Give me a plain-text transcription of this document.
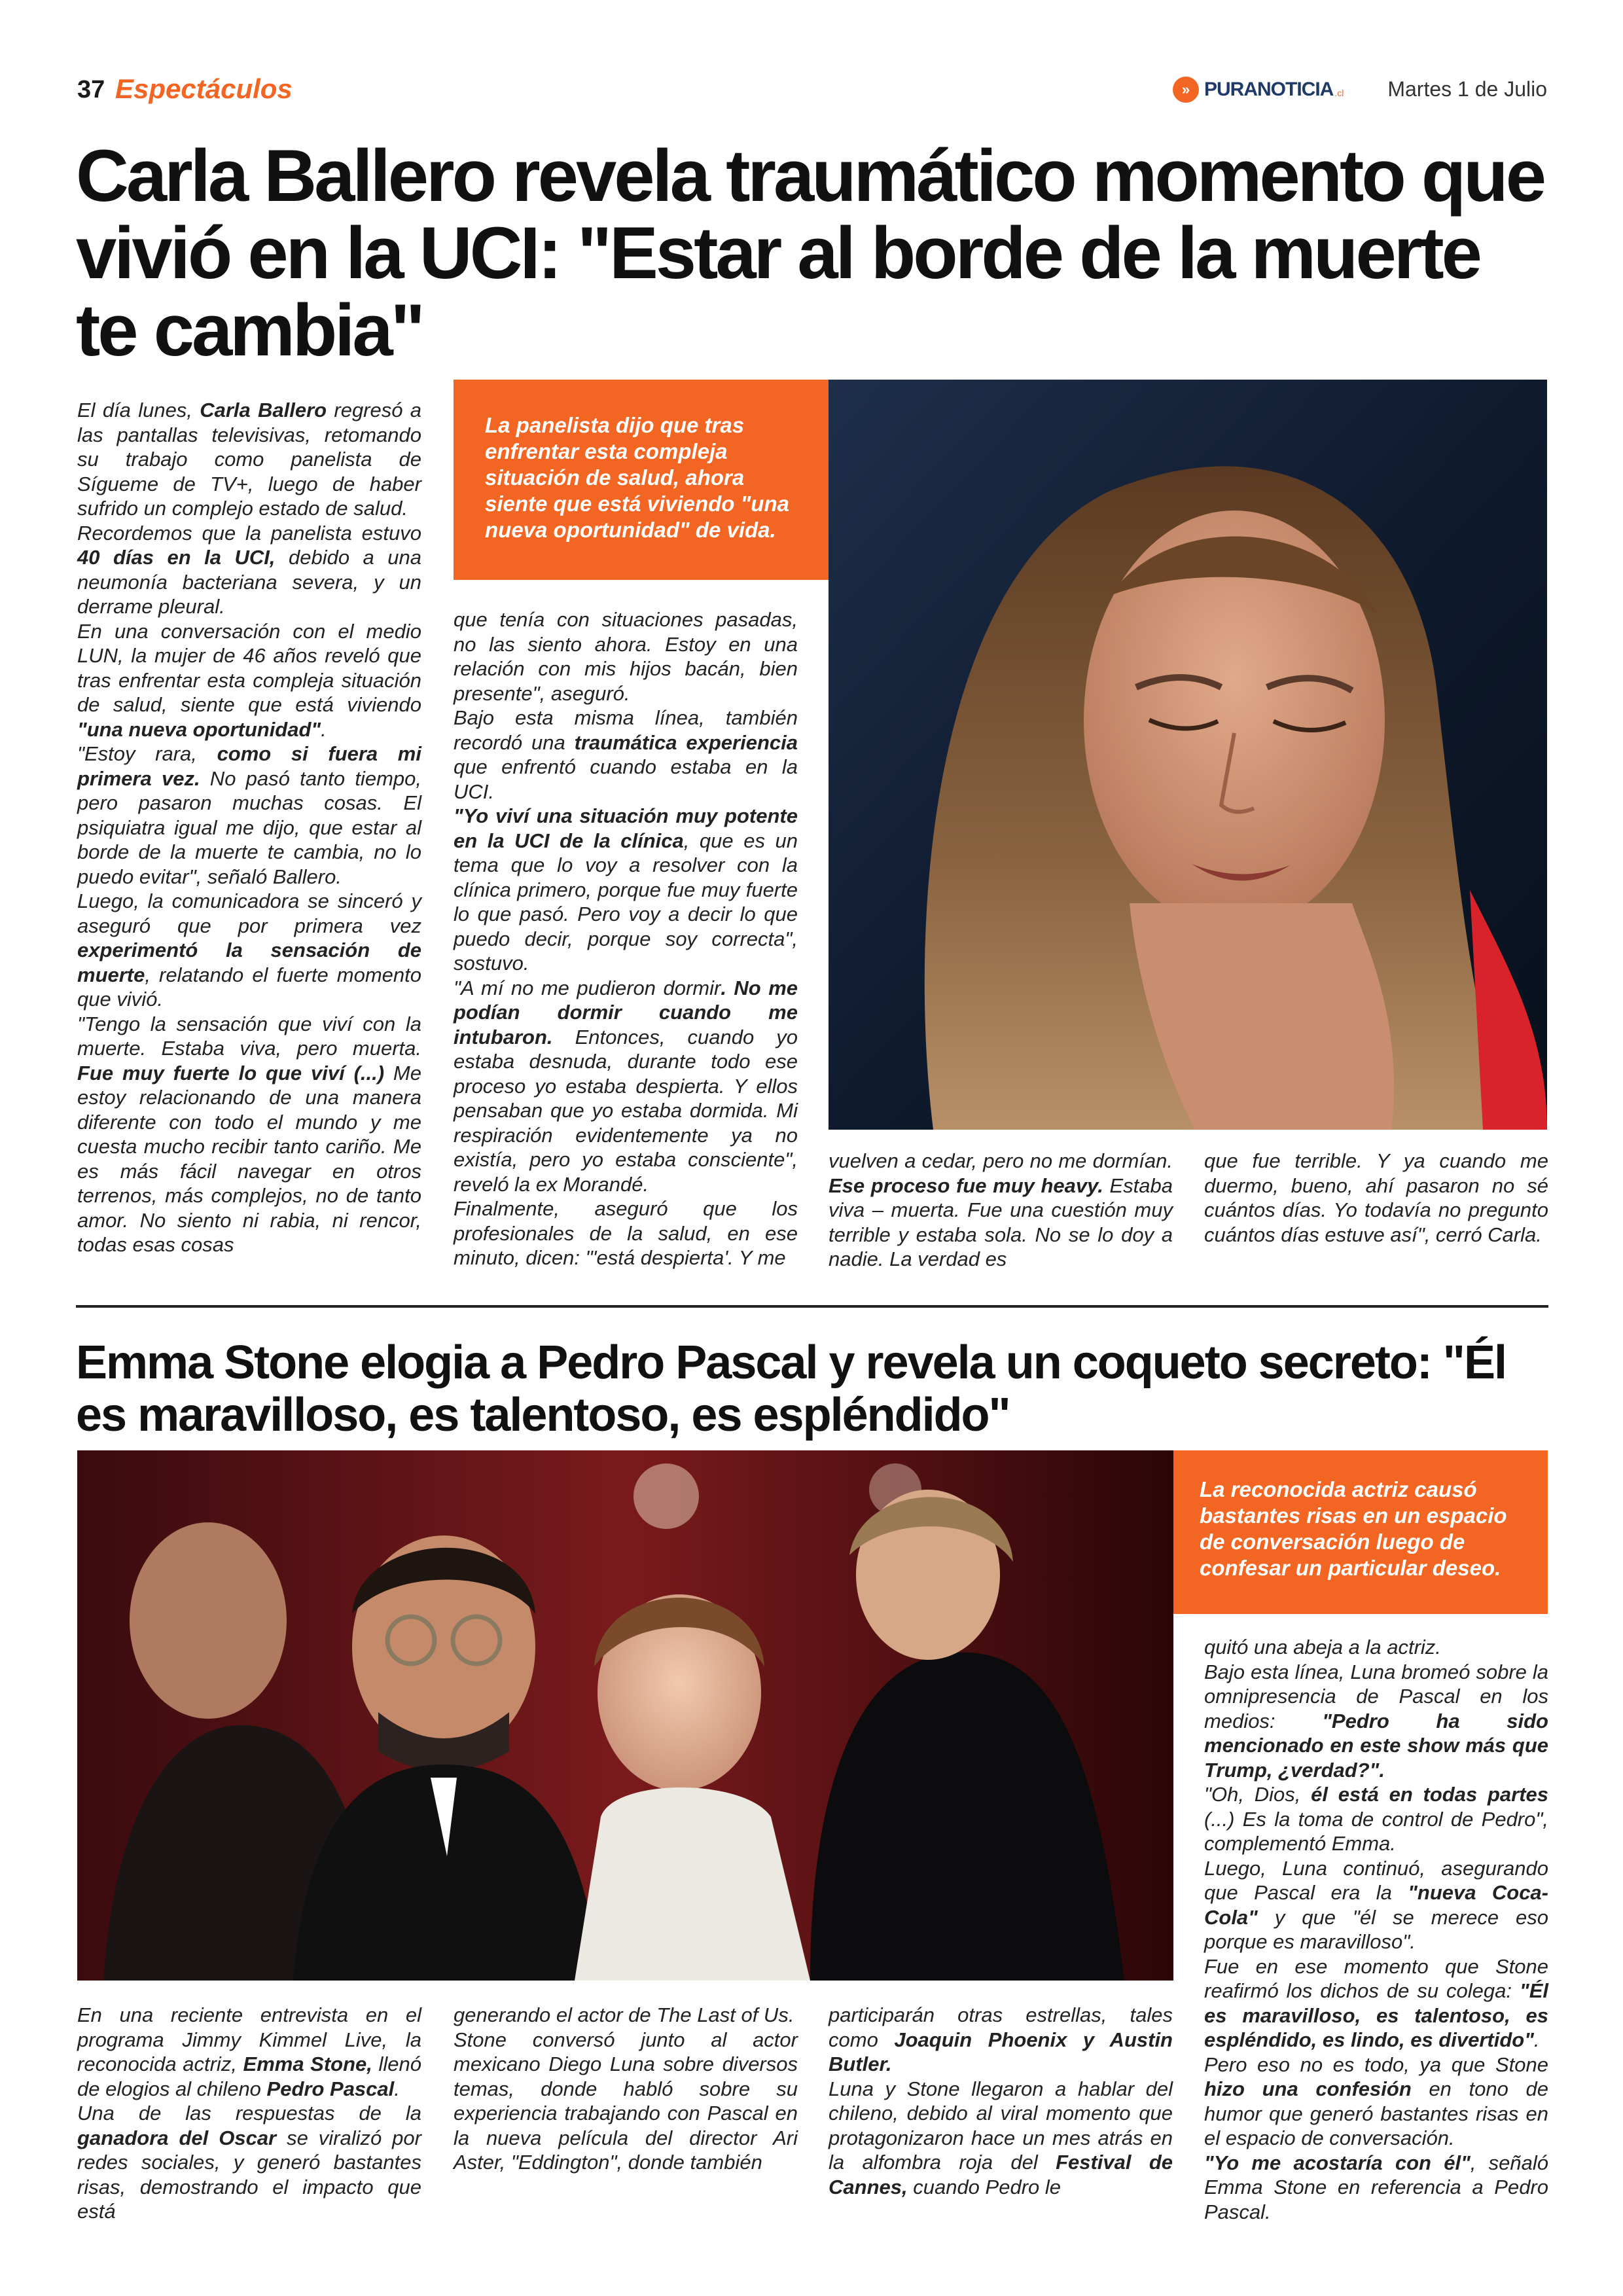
37 Espectáculos	» PURANOTICIA .cl Martes 1 de Julio
Carla Ballero revela traumático momento que vivió en la UCI: "Estar al borde de la muerte te cambia"

El día lunes, Carla Ballero regresó a las pantallas televisivas, retomando su trabajo como panelista de Sígueme de TV+, luego de haber sufrido un complejo estado de salud.

Recordemos que la panelista estuvo 40 días en la UCI, debido a una neumonía bacteriana severa, y un derrame pleural.

En una conversación con el medio LUN, la mujer de 46 años reveló que tras enfrentar esta compleja situación de salud, siente que está viviendo "una nueva oportunidad".

"Estoy rara, como si fuera mi primera vez. No pasó tanto tiempo, pero pasaron muchas cosas. El psiquiatra igual me dijo, que estar al borde de la muerte te cambia, no lo puedo evitar", señaló Ballero.

Luego, la comunicadora se sinceró y aseguró que por primera vez experimentó la sensación de muerte, relatando el fuerte momento que vivió.

"Tengo la sensación que viví con la muerte. Estaba viva, pero muerta. Fue muy fuerte lo que viví (...) Me estoy relacionando de una manera diferente con todo el mundo y me cuesta mucho recibir tanto cariño. Me es más fácil navegar en otros terrenos, más complejos, no de tanto amor. No siento ni rabia, ni rencor, todas esas cosas

La panelista dijo que tras enfrentar esta compleja situación de salud, ahora siente que está viviendo "una nueva oportunidad" de vida.

que tenía con situaciones pasadas, no las siento ahora. Estoy en una relación con mis hijos bacán, bien presente", aseguró.

Bajo esta misma línea, también recordó una traumática experiencia que enfrentó cuando estaba en la UCI.

"Yo viví una situación muy potente en la UCI de la clínica, que es un tema que lo voy a resolver con la clínica primero, porque fue muy fuerte lo que pasó. Pero voy a decir lo que puedo decir, porque soy correcta", sostuvo.

"A mí no me pudieron dormir. No me podían dormir cuando me intubaron. Entonces, cuando yo estaba desnuda, durante todo ese proceso yo estaba despierta. Y ellos pensaban que yo estaba dormida. Mi respiración evidentemente ya no existía, pero yo estaba consciente", reveló la ex Morandé.

Finalmente, aseguró que los profesionales de la salud, en ese minuto, dicen: "'está despierta'. Y me

vuelven a cedar, pero no me dormían. Ese proceso fue muy heavy. Estaba viva – muerta. Fue una cuestión muy terrible y estaba sola. No se lo doy a nadie. La verdad es

que fue terrible. Y ya cuando me duermo, bueno, ahí pasaron no sé cuántos días. Yo todavía no pregunto cuántos días estuve así", cerró Carla.

Emma Stone elogia a Pedro Pascal y revela un coqueto secreto: "Él es maravilloso, es talentoso, es espléndido"
La reconocida actriz causó bastantes risas en un espacio de conversación luego de confesar un particular deseo.

quitó una abeja a la actriz.

Bajo esta línea, Luna bromeó sobre la omnipresencia de Pascal en los medios: "Pedro ha sido mencionado en este show más que Trump, ¿verdad?".

"Oh, Dios, él está en todas partes (...) Es la toma de control de Pedro", complementó Emma.

Luego, Luna continuó, asegurando que Pascal era la "nueva Coca-Cola" y que "él se merece eso porque es maravilloso".

Fue en ese momento que Stone reafirmó los dichos de su colega: "Él es maravilloso, es talentoso, es espléndido, es lindo, es divertido".

Pero eso no es todo, ya que Stone hizo una confesión en tono de humor que generó bastantes risas en el espacio de conversación.

"Yo me acostaría con él", señaló Emma Stone en referencia a Pedro Pascal.

En una reciente entrevista en el programa Jimmy Kimmel Live, la reconocida actriz, Emma Stone, llenó de elogios al chileno Pedro Pascal.

Una de las respuestas de la ganadora del Oscar se viralizó por redes sociales, y generó bastantes risas, demostrando el impacto que está

generando el actor de The Last of Us.

Stone conversó junto al actor mexicano Diego Luna sobre diversos temas, donde habló sobre su experiencia trabajando con Pascal en la nueva película del director Ari Aster, "Eddington", donde también

participarán otras estrellas, tales como Joaquin Phoenix y Austin Butler.

Luna y Stone llegaron a hablar del chileno, debido al viral momento que protagonizaron hace un mes atrás en la alfombra roja del Festival de Cannes, cuando Pedro le
